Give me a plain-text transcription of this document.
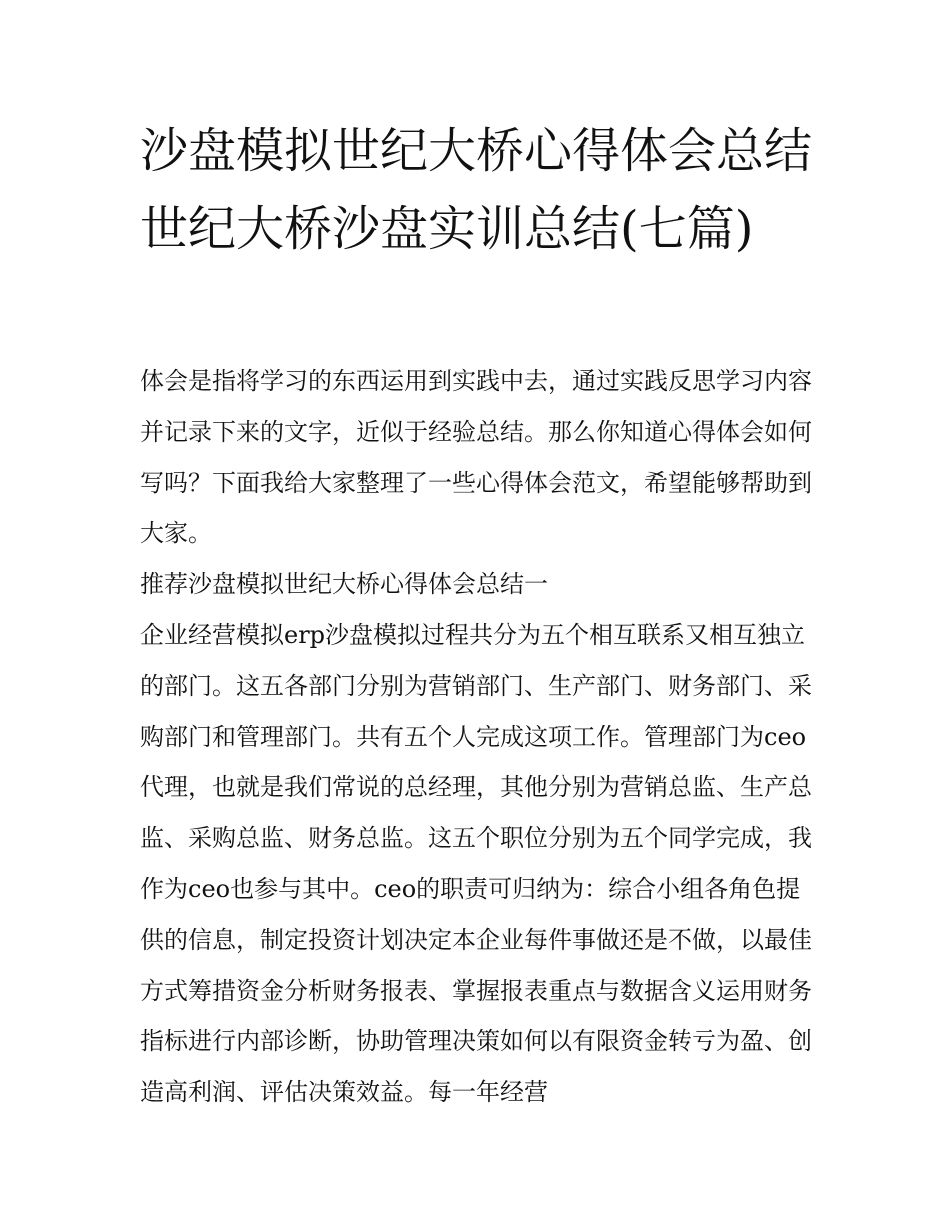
沙盘模拟世纪大桥心得体会总结 世纪大桥沙盘实训总结(七篇)

体会是指将学习的东西运用到实践中去，通过实践反思学习内容并记录下来的文字，近似于经验总结。那么你知道心得体会如何写吗？下面我给大家整理了一些心得体会范文，希望能够帮助到大家。

推荐沙盘模拟世纪大桥心得体会总结一

企业经营模拟erp沙盘模拟过程共分为五个相互联系又相互独立的部门。这五各部门分别为营销部门、生产部门、财务部门、采购部门和管理部门。共有五个人完成这项工作。管理部门为ceo代理，也就是我们常说的总经理，其他分别为营销总监、生产总监、采购总监、财务总监。这五个职位分别为五个同学完成，我作为ceo也参与其中。ceo的职责可归纳为：综合小组各角色提供的信息，制定投资计划决定本企业每件事做还是不做，以最佳方式筹措资金分析财务报表、掌握报表重点与数据含义运用财务指标进行内部诊断，协助管理决策如何以有限资金转亏为盈、创造高利润、评估决策效益。每一年经营
